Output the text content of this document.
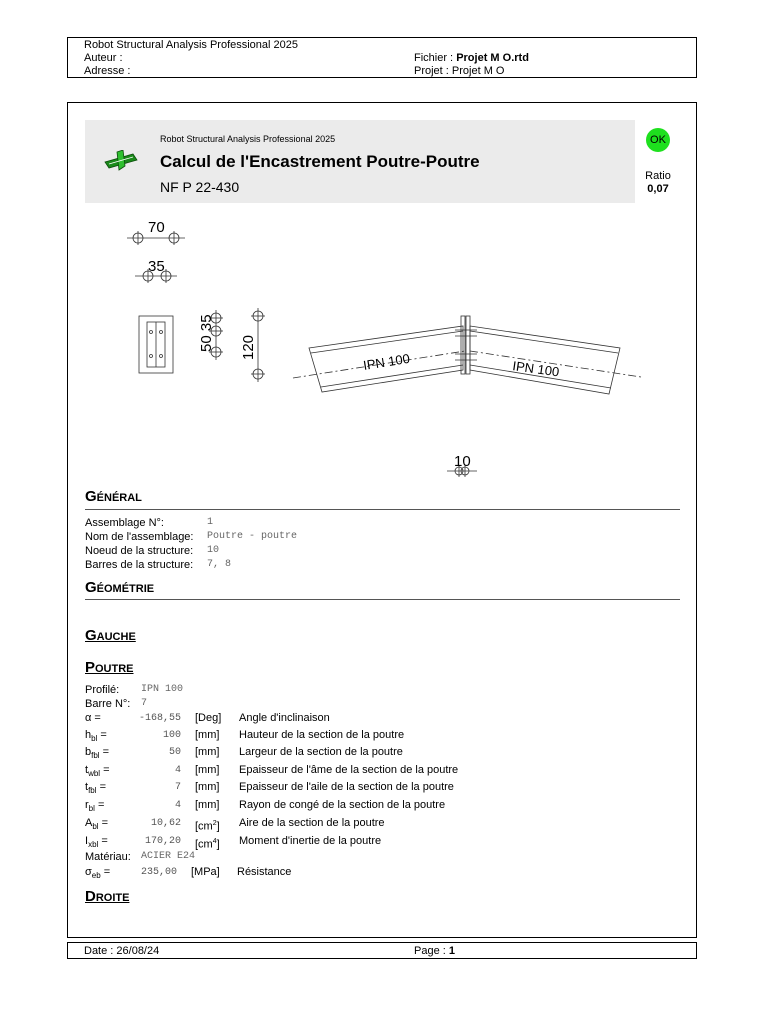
Robot Structural Analysis Professional 2025
Auteur :
Adresse :
Fichier : Projet M O.rtd
Projet : Projet M O
Robot Structural Analysis Professional 2025
Calcul de l'Encastrement Poutre-Poutre
NF P 22-430
OK
Ratio
0,07
70
35
50 35 120
IPN 100	IPN 100
10
Général
Assemblage N°:	1
Nom de l'assemblage: Poutre - poutre
Noeud de la structure: 10
Barres de la structure: 7, 8
Géométrie
Gauche
Poutre
Profilé: IPN 100
Barre N°: 7
α =	-168,55 [Deg] Angle d'inclinaison
$h_{bl}$ =	100 [mm] Hauteur de la section de la poutre
$b_{fbl}$ =	50 [mm] Largeur de la section de la poutre
$t_{wbl}$ =	4 [mm] Epaisseur de l'âme de la section de la poutre
$t_{fbl}$ =	7 [mm] Epaisseur de l'aile de la section de la poutre
$r_{bl}$ =	4 [mm] Rayon de congé de la section de la poutre
$A_{bl}$ =	10,62 $[cm^2]$ Aire de la section de la poutre
$I_{xbl}$ =	170,20 $[cm^4]$ Moment d'inertie de la poutre
Matériau: ACIER E24
$\sigma_{eb}$ =	235,00 [MPa] Résistance
Droite
Date : 26/08/24	Page : 1
